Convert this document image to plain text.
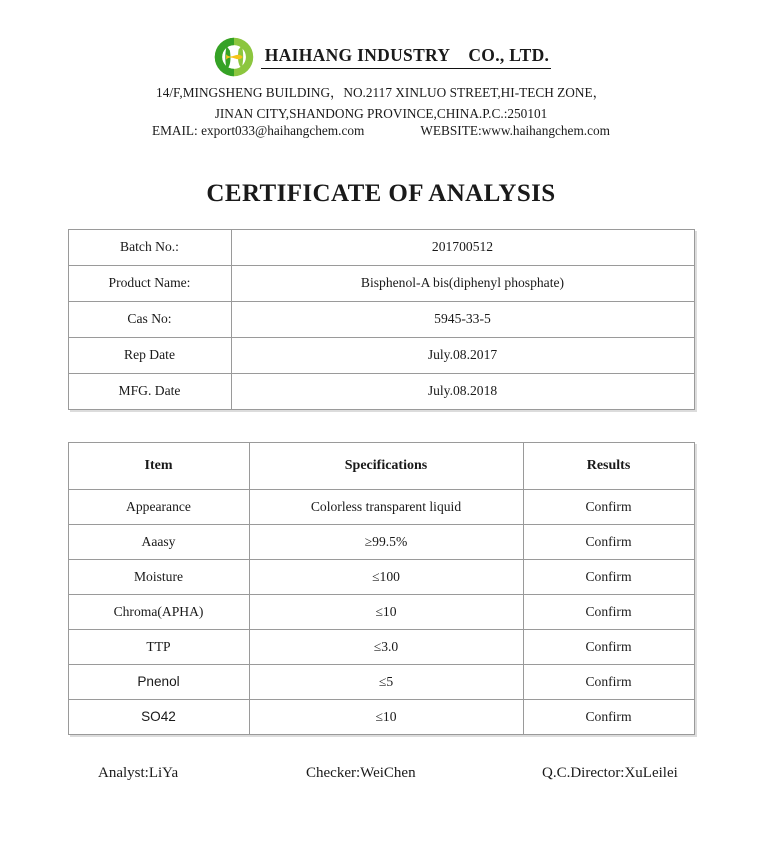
HAIHANG INDUSTRY    CO., LTD.
14/F,MINGSHENG BUILDING，NO.2117 XINLUO STREET,HI-TECH ZONE，
JINAN CITY,SHANDONG PROVINCE,CHINA.P.C.:250101
EMAIL: export033@haihangchem.com	WEBSITE:www.haihangchem.com
CERTIFICATE OF ANALYSIS
Batch No.:	201700512
Product Name:	Bisphenol-A bis(diphenyl phosphate)
Cas No:	5945-33-5
Rep Date	July.08.2017
MFG. Date	July.08.2018
Item	Specifications	Results
Appearance	Colorless transparent liquid	Confirm
Aaasy	≥99.5%	Confirm
Moisture	≤100	Confirm
Chroma(APHA)	≤10	Confirm
TTP	≤3.0	Confirm
Pnenol	≤5	Confirm
SO42	≤10	Confirm
Analyst:LiYa	Checker:WeiChen	Q.C.Director:XuLeilei
